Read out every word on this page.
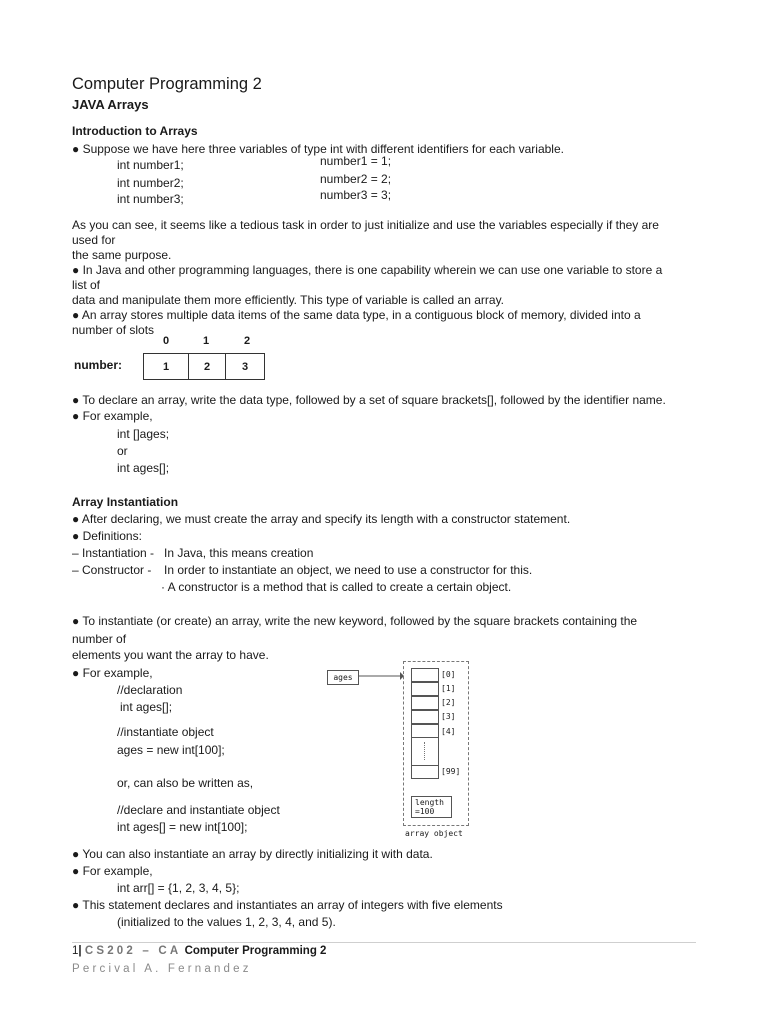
Computer Programming 2
JAVA Arrays
Introduction to Arrays
● Suppose we have here three variables of type int with different identifiers for each variable.
int number1;
int number2;
int number3;
number1 = 1;
number2 = 2;
number3 = 3;
As you can see, it seems like a tedious task in order to just initialize and use the variables especially if they are
used for
the same purpose.
● In Java and other programming languages, there is one capability wherein we can use one variable to store a
list of
data and manipulate them more efficiently. This type of variable is called an array.
● An array stores multiple data items of the same data type, in a contiguous block of memory, divided into a
number of slots
0	1	2
number:	1	2	3
● To declare an array, write the data type, followed by a set of square brackets[], followed by the identifier name.
● For example,
int []ages;
or
int ages[];
Array Instantiation
● After declaring, we must create the array and specify its length with a constructor statement.
● Definitions:
– Instantiation - In Java, this means creation
– Constructor - In order to instantiate an object, we need to use a constructor for this.
· A constructor is a method that is called to create a certain object.
● To instantiate (or create) an array, write the new keyword, followed by the square brackets containing the
number of
elements you want the array to have.
● For example,
//declaration
int ages[];
//instantiate object
ages = new int[100];
or, can also be written as,
//declare and instantiate object
int ages[] = new int[100];
ages	[0]
[1]
[2]
[3]
[4]
[99]
length
=100
array object
● You can also instantiate an array by directly initializing it with data.
● For example,
int arr[] = {1, 2, 3, 4, 5};
● This statement declares and instantiates an array of integers with five elements
(initialized to the values 1, 2, 3, 4, and 5).
1| CS202 – CA Computer Programming 2
Percival A. Fernandez
